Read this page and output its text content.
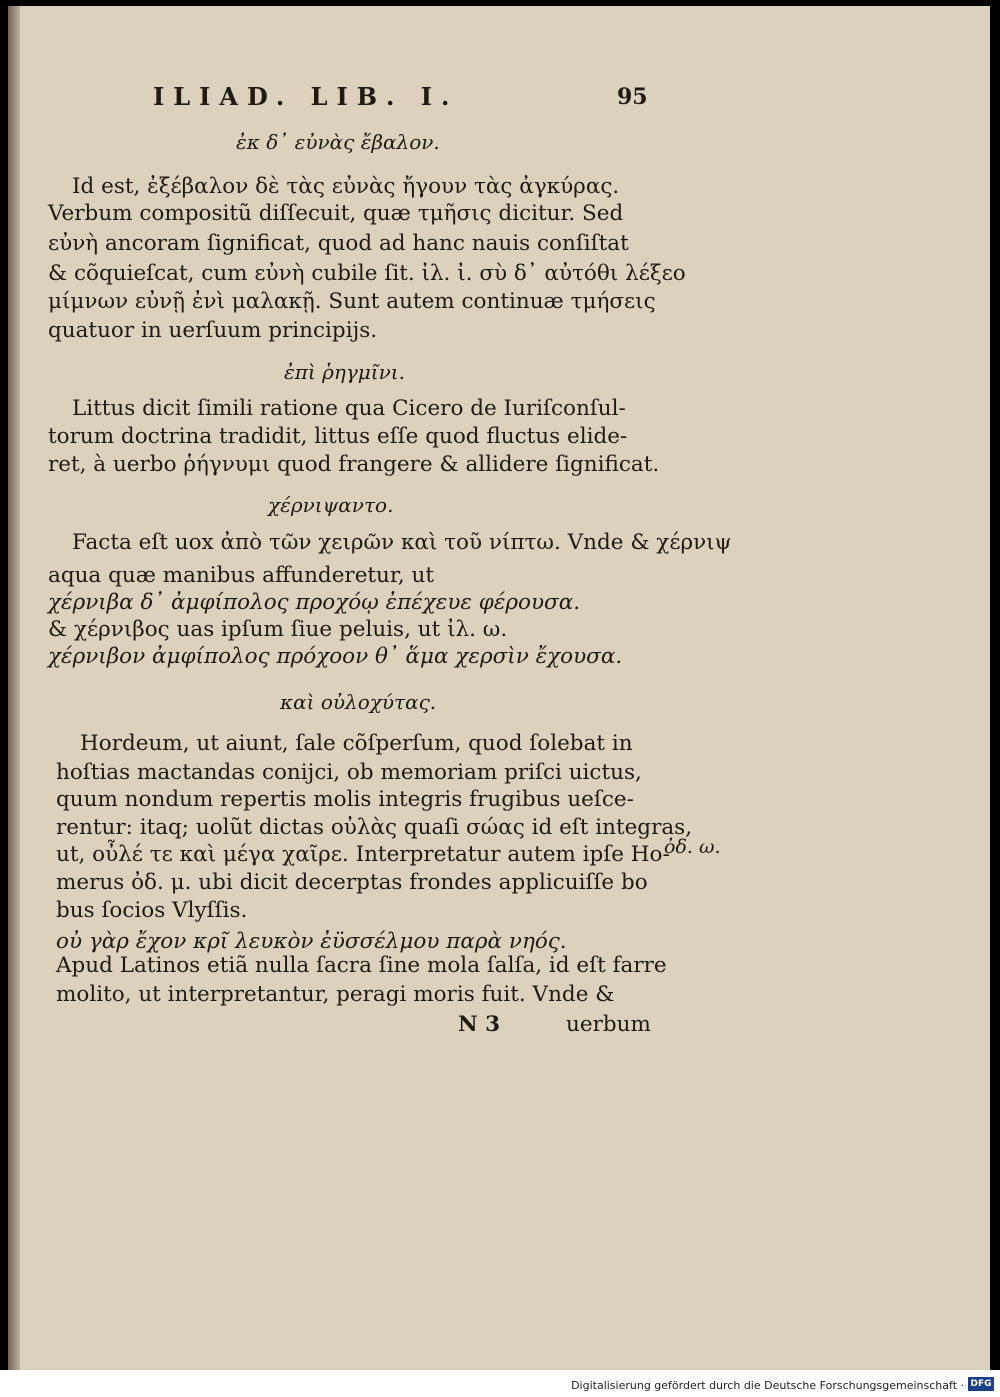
ILIAD. LIB. I.	95
ἐκ δ᾽ εὐνὰς ἔβαλον.
Id est, ἐξέβαλον δὲ τὰς εὐνὰς ἤγουν τὰς ἀγκύρας.
Verbum compositũ diſſecuit, quæ τμῆσις dicitur. Sed
εὐνὴ ancoram ſignificat, quod ad hanc nauis conſiſtat
& cõquieſcat, cum εὐνὴ cubile ſit. ἰλ. ἰ. σὺ δ᾽ αὐτόθι λέξεο
μίμνων εὐνῇ ἐνὶ μαλακῇ. Sunt autem continuæ τμήσεις
quatuor in uerſuum principijs.
ἐπὶ ῥηγμῖνι.
Littus dicit ſimili ratione qua Cicero de Iuriſconſul-
torum doctrina tradidit, littus eſſe quod fluctus elide-
ret, à uerbo ῥήγνυμι quod frangere & allidere ſignificat.
χέρνιψαντο.
Facta eſt uox ἀπὸ τῶν χειρῶν καὶ τοῦ νίπτω. Vnde & χέρνιψ
aqua quæ manibus affunderetur, ut
χέρνιβα δ᾽ ἀμφίπολος προχόῳ ἐπέχευε φέρουσα.
& χέρνιβος uas ipſum ſiue peluis, ut ἰλ. ω.
χέρνιβον ἀμφίπολος πρόχοον θ᾽ ἅμα χερσὶν ἔχουσα.
καὶ οὐλοχύτας.
Hordeum, ut aiunt, ſale cõſperſum, quod ſolebat in
hoſtias mactandas conijci, ob memoriam priſci uictus,
quum nondum repertis molis integris frugibus ueſce-
rentur: itaq; uolũt dictas οὐλὰς quaſi σώας id eſt integras,
ut, οὖλέ τε καὶ μέγα χαῖρε. Interpretatur autem ipſe Ho-
merus ὀδ. μ. ubi dicit decerptas frondes applicuiſſe bo
bus ſocios Vlyſſis.
οὐ γὰρ ἔχον κρῖ λευκὸν ἐϋσσέλμου παρὰ νηός.
Apud Latinos etiã nulla ſacra ſine mola ſalſa, id eſt farre
molito, ut interpretantur, peragi moris fuit. Vnde &
ὀδ. ω.
N 3	uerbum
Digitalisierung gefördert durch die Deutsche Forschungsgemeinschaft · DFG
